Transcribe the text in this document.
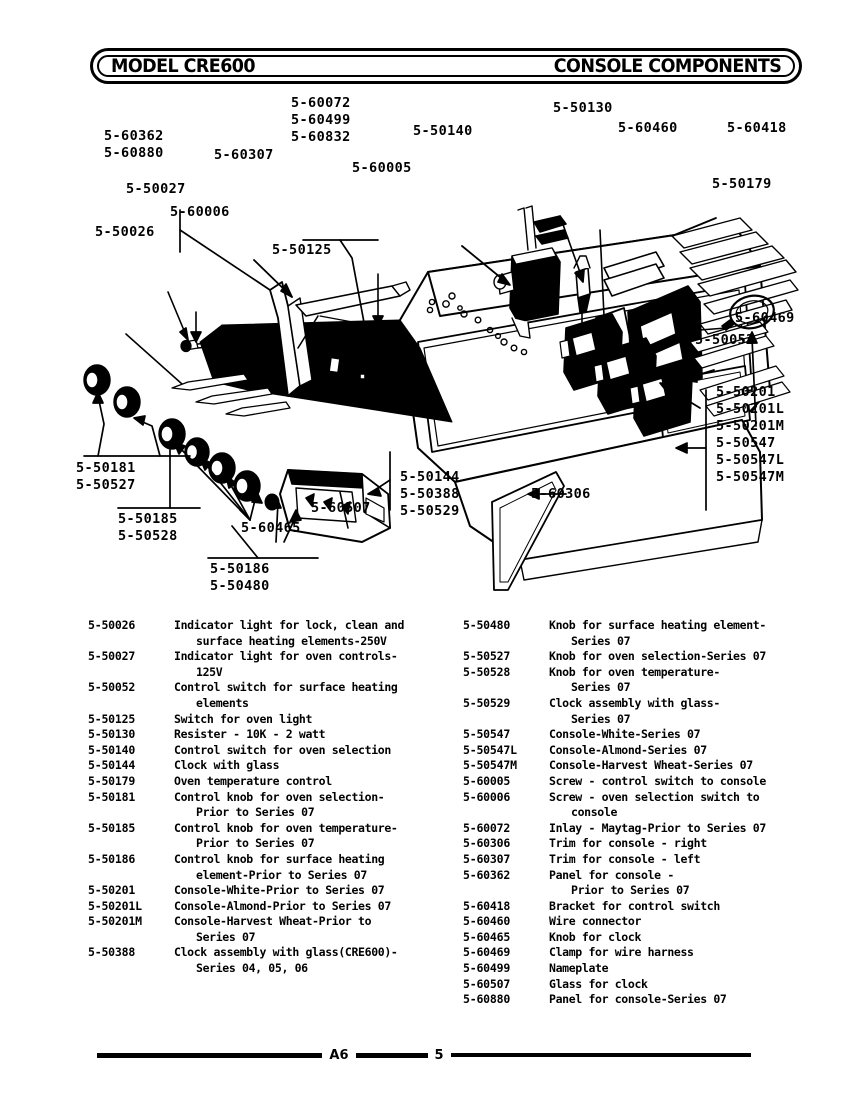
MODEL CRE600	CONSOLE COMPONENTS
5-60072
5-60499
5-60832
5-60362
5-60880	5-60307
5-50027
5-60006
5-50026
5-50125
5-60005
5-50140
5-50130
5-60460	5-60418
5-50179
5-60469
5-50052
5-50201
5-50201L
5-50201M
5-50547
5-50547L
5-50547M
5-50181
5-50527
5-50185
5-50528
5-50186
5-50480
5-60465
5-60507
5-50144
5-50388
5-50529
5-60306
5-50026	Indicator light for lock, clean and
surface heating elements-250V
5-50027	Indicator light for oven controls-
125V
5-50052	Control switch for surface heating
elements
5-50125	Switch for oven light
5-50130	Resister - 10K - 2 watt
5-50140	Control switch for oven selection
5-50144	Clock with glass
5-50179	Oven temperature control
5-50181	Control knob for oven selection-
Prior to Series 07
5-50185	Control knob for oven temperature-
Prior to Series 07
5-50186	Control knob for surface heating
element-Prior to Series 07
5-50201	Console-White-Prior to Series 07
5-50201L	Console-Almond-Prior to Series 07
5-50201M	Console-Harvest Wheat-Prior to
Series 07
5-50388	Clock assembly with glass(CRE600)-
Series 04, 05, 06
5-50480	Knob for surface heating element-
Series 07
5-50527	Knob for oven selection-Series 07
5-50528	Knob for oven temperature-
Series 07
5-50529	Clock assembly with glass-
Series 07
5-50547	Console-White-Series 07
5-50547L	Console-Almond-Series 07
5-50547M	Console-Harvest Wheat-Series 07
5-60005	Screw - control switch to console
5-60006	Screw - oven selection switch to
console
5-60072	Inlay - Maytag-Prior to Series 07
5-60306	Trim for console - right
5-60307	Trim for console - left
5-60362	Panel for console -
Prior to Series 07
5-60418	Bracket for control switch
5-60460	Wire connector
5-60465	Knob for clock
5-60469	Clamp for wire harness
5-60499	Nameplate
5-60507	Glass for clock
5-60880	Panel for console-Series 07
A6	5
